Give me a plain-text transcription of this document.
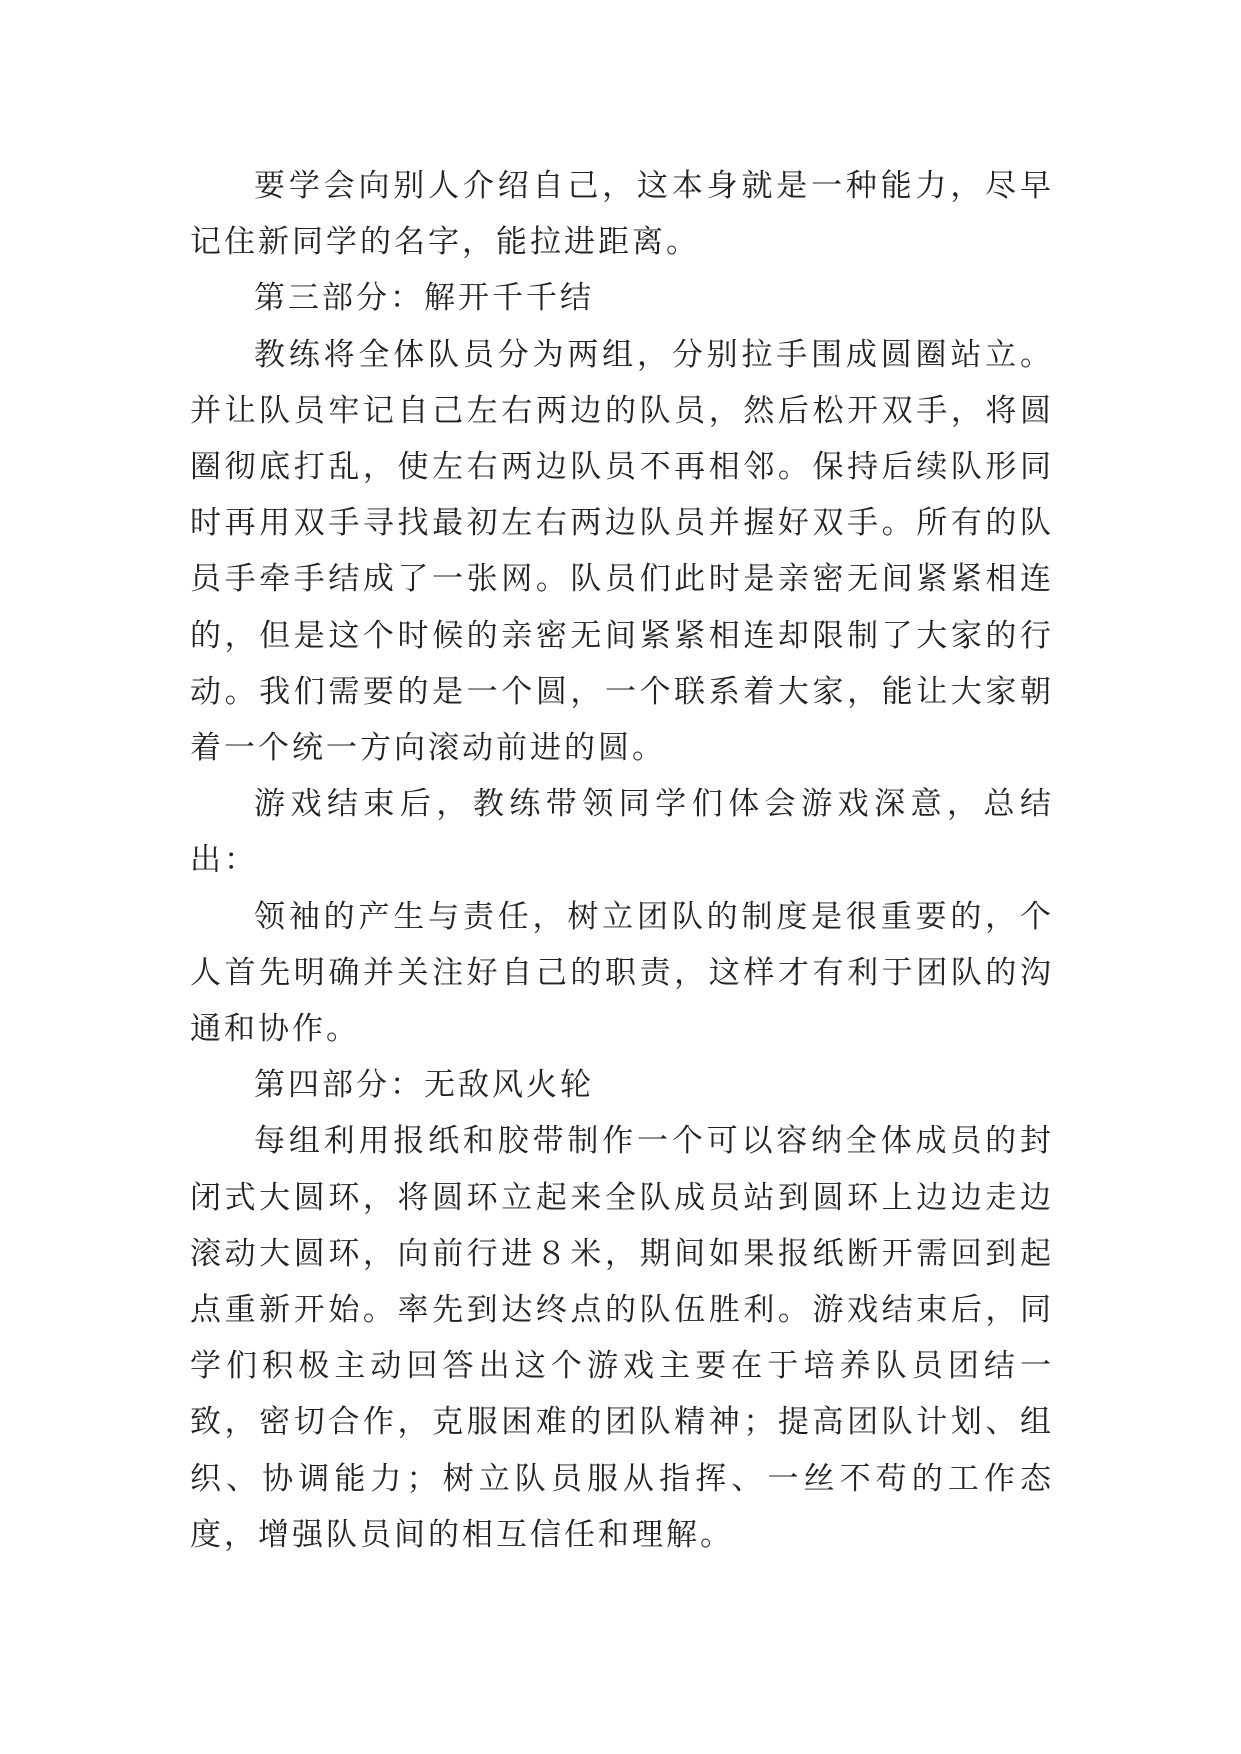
要学会向别人介绍自己，这本身就是一种能力，尽早记住新同学的名字，能拉进距离。

第三部分：解开千千结

教练将全体队员分为两组，分别拉手围成圆圈站立。并让队员牢记自己左右两边的队员，然后松开双手，将圆圈彻底打乱，使左右两边队员不再相邻。保持后续队形同时再用双手寻找最初左右两边队员并握好双手。所有的队员手牵手结成了一张网。队员们此时是亲密无间紧紧相连的，但是这个时候的亲密无间紧紧相连却限制了大家的行动。我们需要的是一个圆，一个联系着大家，能让大家朝着一个统一方向滚动前进的圆。

游戏结束后，教练带领同学们体会游戏深意，总结出：

领袖的产生与责任，树立团队的制度是很重要的，个人首先明确并关注好自己的职责，这样才有利于团队的沟通和协作。

第四部分：无敌风火轮

每组利用报纸和胶带制作一个可以容纳全体成员的封闭式大圆环，将圆环立起来全队成员站到圆环上边边走边滚动大圆环，向前行进８米，期间如果报纸断开需回到起点重新开始。率先到达终点的队伍胜利。游戏结束后，同学们积极主动回答出这个游戏主要在于培养队员团结一致，密切合作，克服困难的团队精神；提高团队计划、组织、协调能力；树立队员服从指挥、一丝不苟的工作态度，增强队员间的相互信任和理解。
